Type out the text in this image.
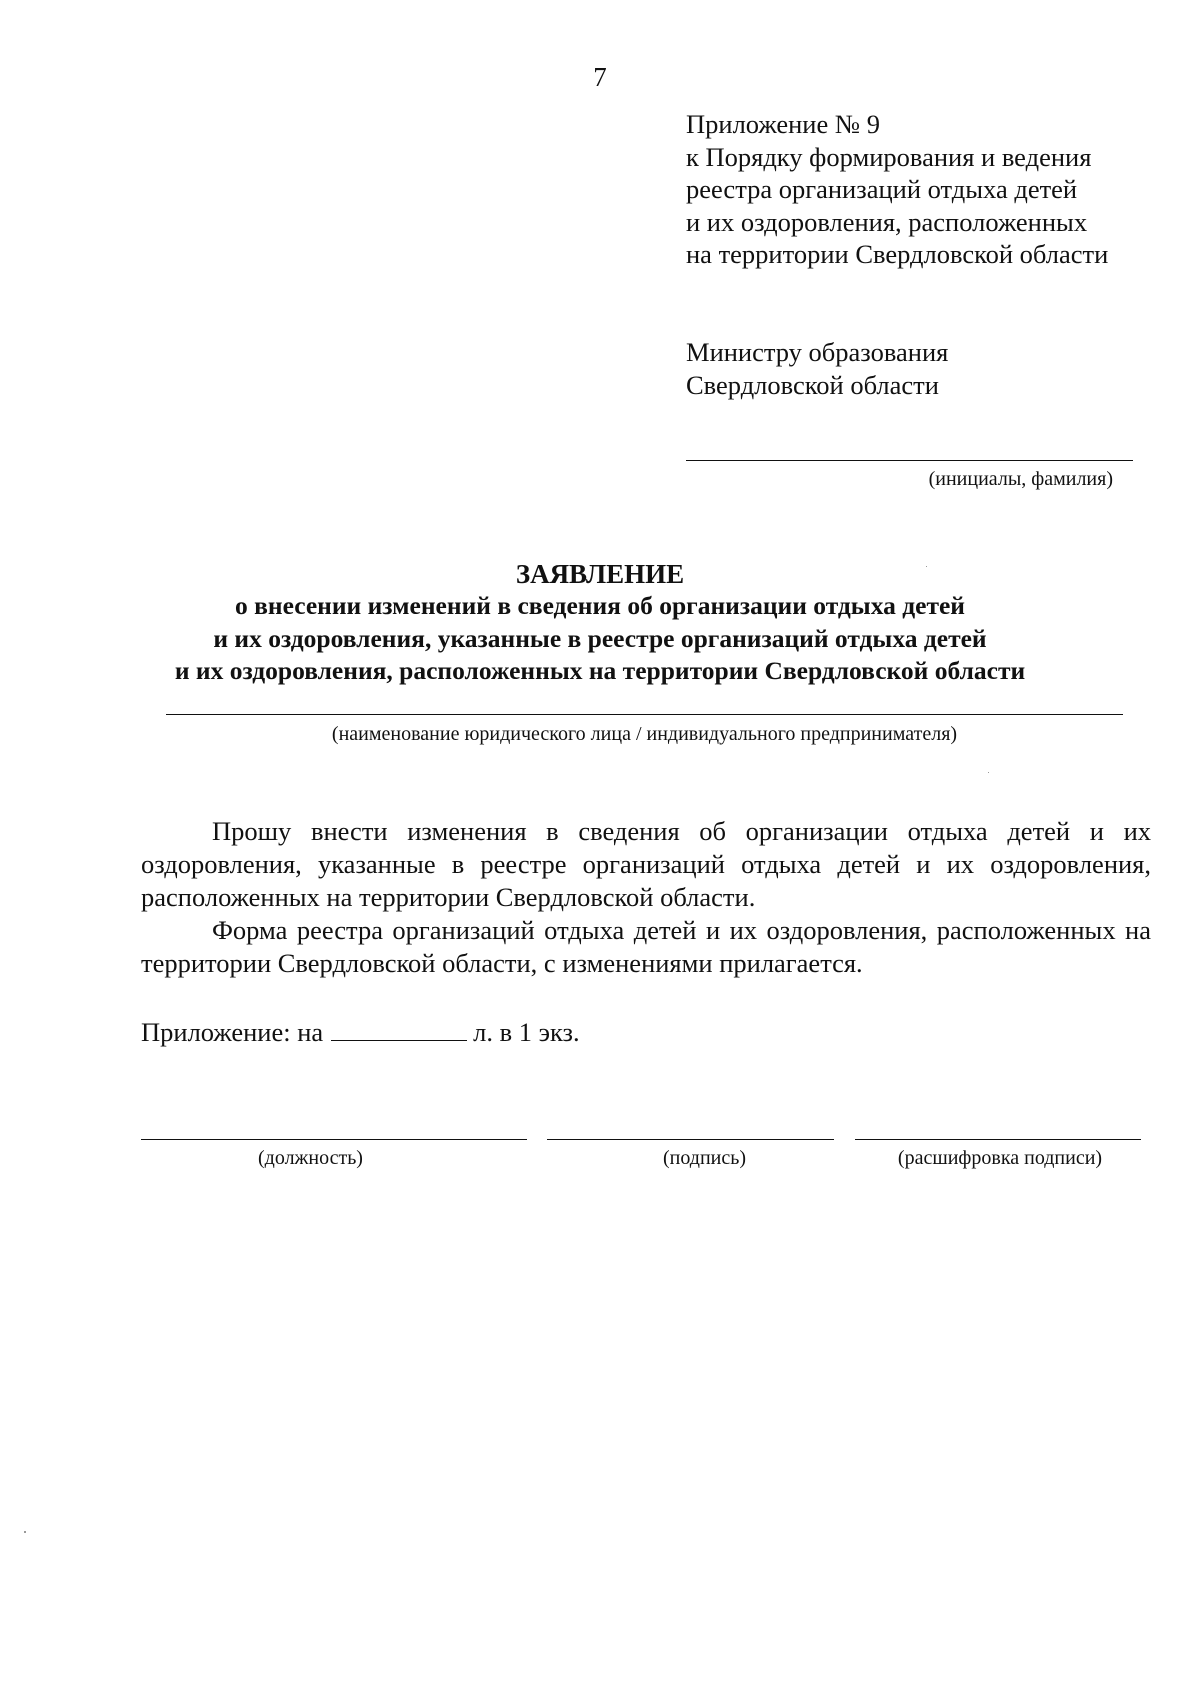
7
Приложение № 9
к Порядку формирования и ведения
реестра организаций отдыха детей
и их оздоровления, расположенных
на территории Свердловской области
Министру образования
Свердловской области
(инициалы, фамилия)
ЗАЯВЛЕНИЕ
о внесении изменений в сведения об организации отдыха детей
и их оздоровления, указанные в реестре организаций отдыха детей
и их оздоровления, расположенных на территории Свердловской области
(наименование юридического лица / индивидуального предпринимателя)

Прошу внести изменения в сведения об организации отдыха детей и их оздоровления, указанные в реестре организаций отдыха детей и их оздоровления, расположенных на территории Свердловской области.

Форма реестра организаций отдыха детей и их оздоровления, расположенных на территории Свердловской области, с изменениями прилагается.

Приложение: на	л. в 1 экз.
(должность)	(подпись)	(расшифровка подписи)
